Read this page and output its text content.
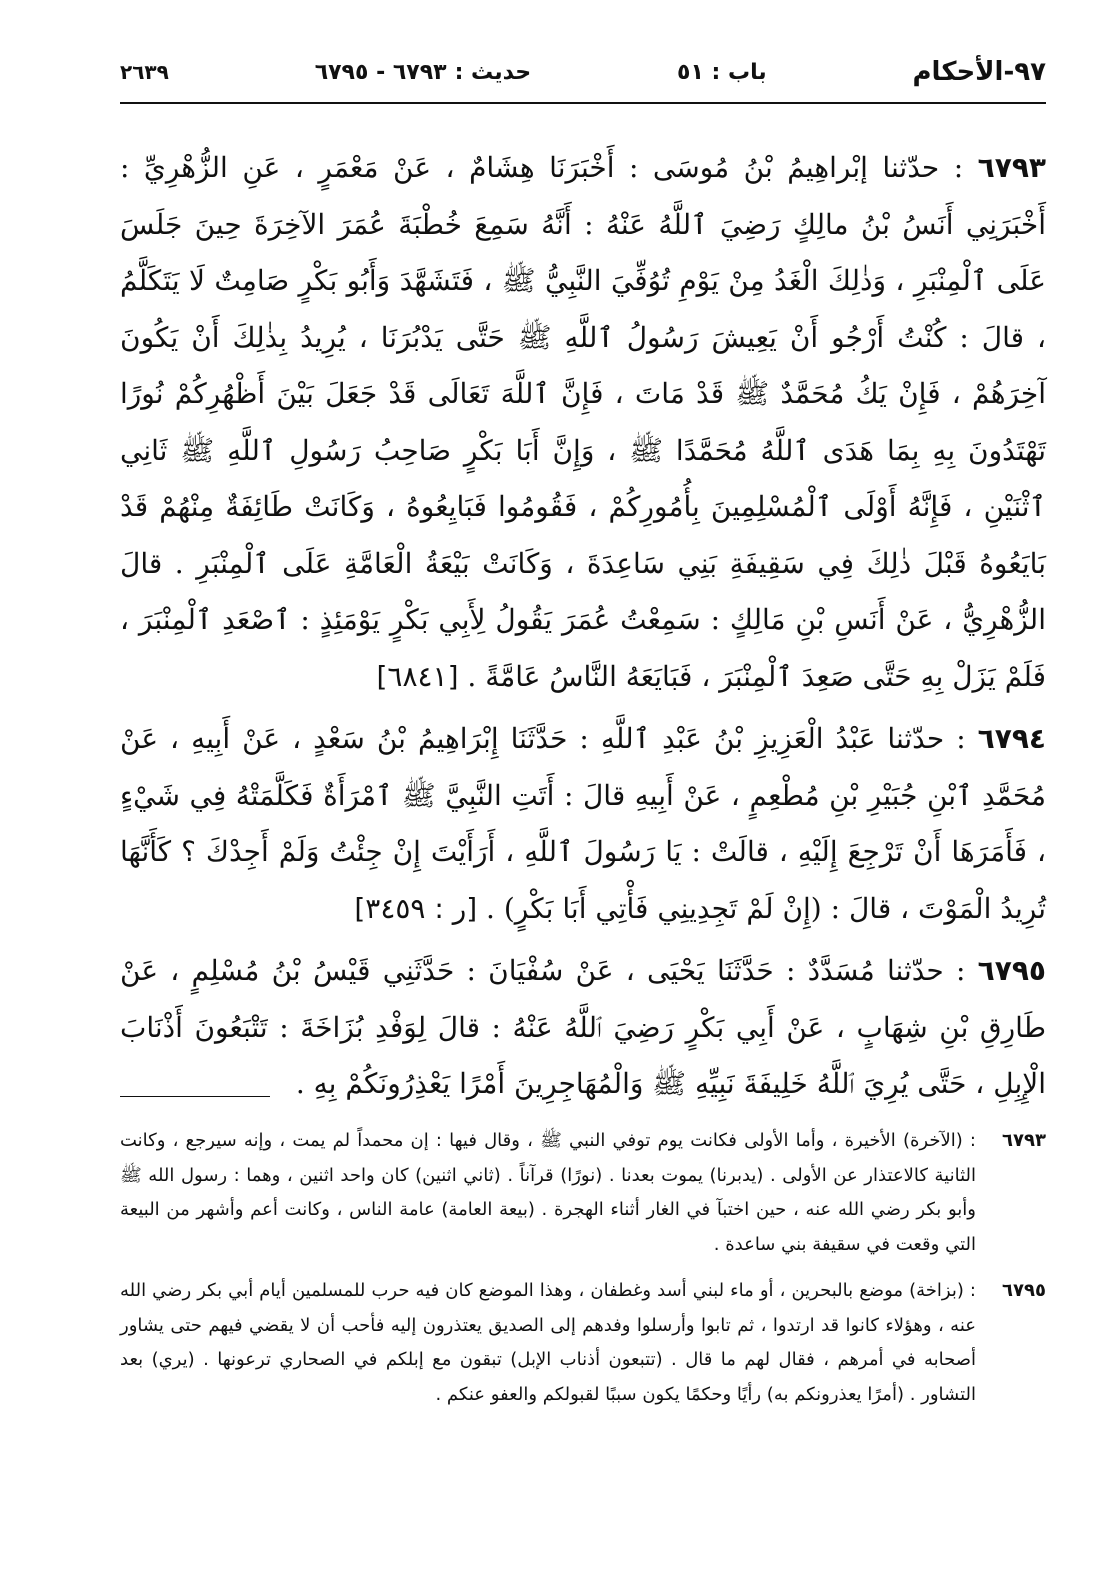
٩٧-الأحكام
باب : ٥١
حديث :
٦٧٩٣ - ٦٧٩٥
٢٦٣٩

٦٧٩٣ : حدّثنا إبْراهِيمُ بْنُ مُوسَى : أَخْبَرَنَا هِشَامٌ ، عَنْ مَعْمَرٍ ، عَنِ الزُّهْرِيِّ : أَخْبَرَنِي أَنَسُ بْنُ مالِكٍ رَضِيَ ٱللَّهُ عَنْهُ : أَنَّهُ سَمِعَ خُطْبَةَ عُمَرَ الآخِرَةَ حِينَ جَلَسَ عَلَى ٱلْمِنْبَرِ ، وَذٰلِكَ الْغَدُ مِنْ يَوْمِ تُوُفِّيَ النَّبِيُّ ﷺ ، فَتَشَهَّدَ وَأَبُو بَكْرٍ صَامِتٌ لَا يَتَكَلَّمُ ، قالَ : كُنْتُ أَرْجُو أَنْ يَعِيشَ رَسُولُ ٱللَّهِ ﷺ حَتَّى يَدْبُرَنَا ، يُرِيدُ بِذٰلِكَ أَنْ يَكُونَ آخِرَهُمْ ، فَإِنْ يَكُ مُحَمَّدٌ ﷺ قَدْ مَاتَ ، فَإِنَّ ٱللَّهَ تَعَالَى قَدْ جَعَلَ بَيْنَ أَظْهُرِكُمْ نُورًا تَهْتَدُونَ بِهِ بِمَا هَدَى ٱللَّهُ مُحَمَّدًا ﷺ ، وَإِنَّ أَبَا بَكْرٍ صَاحِبُ رَسُولِ ٱللَّهِ ﷺ ثَانِي ٱثْنَيْنِ ، فَإِنَّهُ أَوْلَى ٱلْمُسْلِمِينَ بِأُمُورِكُمْ ، فَقُومُوا فَبَايِعُوهُ ، وَكَانَتْ طَائِفَةٌ مِنْهُمْ قَدْ بَايَعُوهُ قَبْلَ ذٰلِكَ فِي سَقِيفَةِ بَنِي سَاعِدَةَ ، وَكَانَتْ بَيْعَةُ الْعَامَّةِ عَلَى ٱلْمِنْبَرِ . قالَ الزُّهْرِيُّ ، عَنْ أَنَسِ بْنِ مَالِكٍ : سَمِعْتُ عُمَرَ يَقُولُ لِأَبِي بَكْرٍ يَوْمَئِذٍ : ٱصْعَدِ ٱلْمِنْبَرَ ، فَلَمْ يَزَلْ بِهِ حَتَّى صَعِدَ ٱلْمِنْبَرَ ، فَبَايَعَهُ النَّاسُ عَامَّةً . [٦٨٤١]

٦٧٩٤ : حدّثنا عَبْدُ الْعَزِيزِ بْنُ عَبْدِ ٱللَّهِ : حَدَّثَنَا إِبْرَاهِيمُ بْنُ سَعْدٍ ، عَنْ أَبِيهِ ، عَنْ مُحَمَّدِ ٱبْنِ جُبَيْرِ بْنِ مُطْعِمٍ ، عَنْ أَبِيهِ قالَ : أَتَتِ النَّبِيَّ ﷺ ٱمْرَأَةٌ فَكَلَّمَتْهُ فِي شَيْءٍ ، فَأَمَرَهَا أَنْ تَرْجِعَ إِلَيْهِ ، قالَتْ : يَا رَسُولَ ٱللَّهِ ، أَرَأَيْتَ إِنْ جِئْتُ وَلَمْ أَجِدْكَ ؟ كَأَنَّهَا تُرِيدُ الْمَوْتَ ، قالَ : (إِنْ لَمْ تَجِدِينِي فَأْتِي أَبَا بَكْرٍ) . [ر : ٣٤٥٩]

٦٧٩٥ : حدّثنا مُسَدَّدٌ : حَدَّثَنَا يَحْيَى ، عَنْ سُفْيَانَ : حَدَّثَنِي قَيْسُ بْنُ مُسْلِمٍ ، عَنْ طَارِقِ بْنِ شِهَابٍ ، عَنْ أَبِي بَكْرٍ رَضِيَ ٱللَّهُ عَنْهُ : قالَ لِوَفْدِ بُزَاخَةَ : تَتْبَعُونَ أَذْنَابَ الْإِبِلِ ، حَتَّى يُرِيَ ٱللَّهُ خَلِيفَةَ نَبِيِّهِ ﷺ وَالْمُهَاجِرِينَ أَمْرًا يَعْذِرُونَكُمْ بِهِ .

٦٧٩٣
: (الآخرة) الأخيرة ، وأما الأولى فكانت يوم توفي النبي ﷺ ، وقال فيها : إن محمداً لم يمت ، وإنه سيرجع ، وكانت الثانية كالاعتذار عن الأولى . (يدبرنا) يموت بعدنا . (نورًا) قرآناً . (ثاني اثنين) كان واحد اثنين ، وهما : رسول الله ﷺ وأبو بكر رضي الله عنه ، حين اختبآ في الغار أثناء الهجرة . (بيعة العامة) عامة الناس ، وكانت أعم وأشهر من البيعة التي وقعت في سقيفة بني ساعدة .
٦٧٩٥
: (بزاخة) موضع بالبحرين ، أو ماء لبني أسد وغطفان ، وهذا الموضع كان فيه حرب للمسلمين أيام أبي بكر رضي الله عنه ، وهؤلاء كانوا قد ارتدوا ، ثم تابوا وأرسلوا وفدهم إلى الصديق يعتذرون إليه فأحب أن لا يقضي فيهم حتى يشاور أصحابه في أمرهم ، فقال لهم ما قال . (تتبعون أذناب الإبل) تبقون مع إبلكم في الصحاري ترعونها . (يري) بعد التشاور . (أمرًا يعذرونكم به) رأيًا وحكمًا يكون سببًا لقبولكم والعفو عنكم .
